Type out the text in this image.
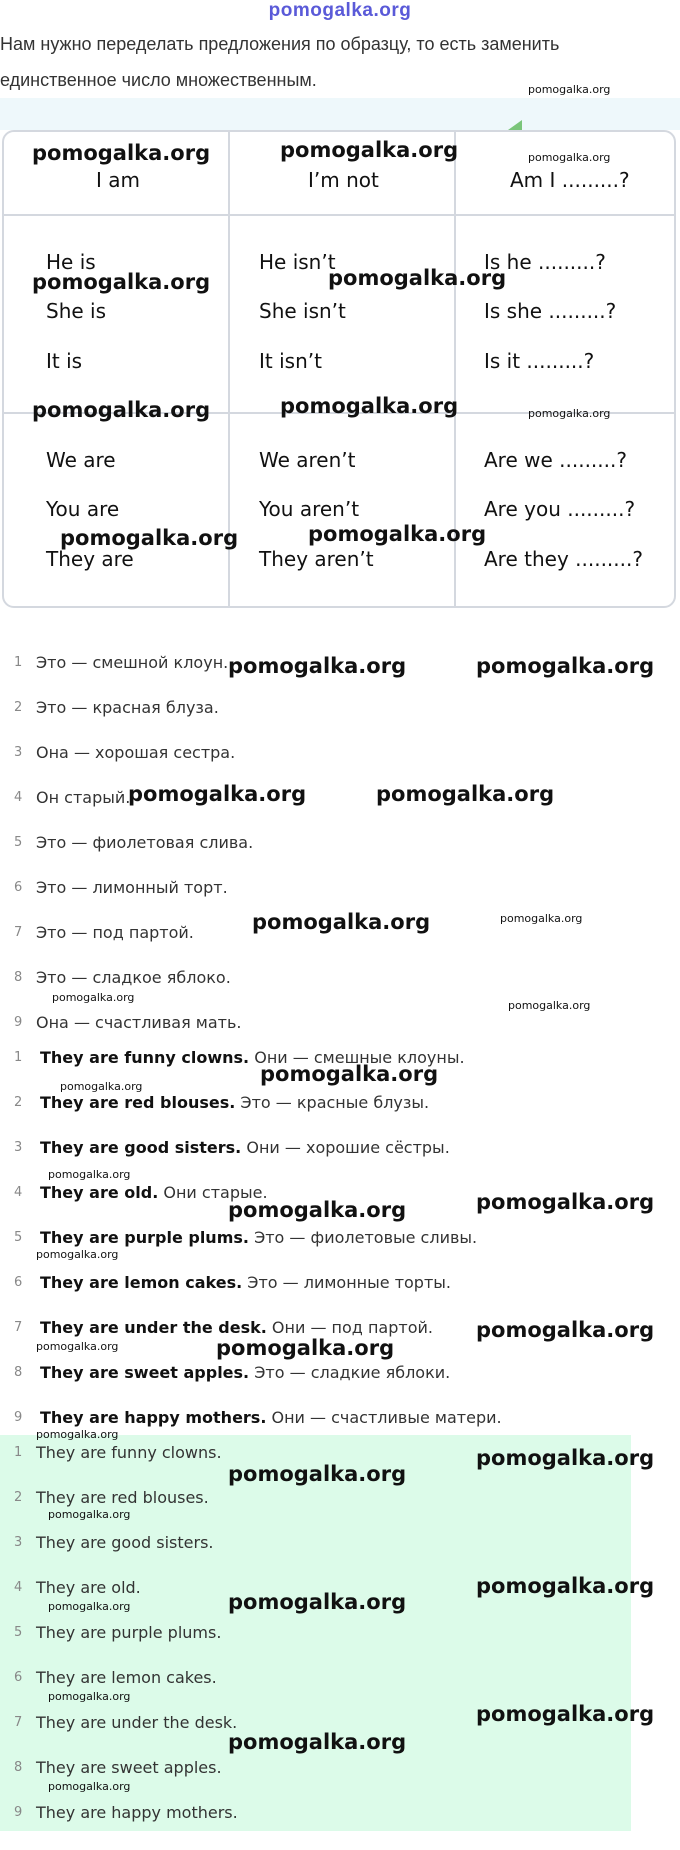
pomogalka.org
Нам нужно переделать предложения по образцу, то есть заменить
единственное число множественным.
I am	I’m not	Am I .........?
He is	He isn’t	Is he .........?
She is	She isn’t	Is she .........?
It is	It isn’t	Is it .........?
We are	We aren’t	Are we .........?
You are	You aren’t	Are you .........?
They are	They aren’t	Are they .........?
1 Это — смешной клоун.
2 Это — красная блуза.
3 Она — хорошая сестра.
4 Он старый.
5 Это — фиолетовая слива.
6 Это — лимонный торт.
7 Это — под партой.
8 Это — сладкое яблоко.
9 Она — счастливая мать.
1 They are funny clowns. Они — смешные клоуны.
2 They are red blouses. Это — красные блузы.
3 They are good sisters. Они — хорошие сёстры.
4 They are old. Они старые.
5 They are purple plums. Это — фиолетовые сливы.
6 They are lemon cakes. Это — лимонные торты.
7 They are under the desk. Они — под партой.
8 They are sweet apples. Это — сладкие яблоки.
9 They are happy mothers. Они — счастливые матери.
1 They are funny clowns.
2 They are red blouses.
3 They are good sisters.
4 They are old.
5 They are purple plums.
6 They are lemon cakes.
7 They are under the desk.
8 They are sweet apples.
9 They are happy mothers.
pomogalka.org
pomogalka.org	pomogalka.org	pomogalka.org
pomogalka.org	pomogalka.org
pomogalka.org	pomogalka.org	pomogalka.org
pomogalka.org	pomogalka.org
pomogalka.org	pomogalka.org
pomogalka.org	pomogalka.org
pomogalka.org	pomogalka.org
pomogalka.org
pomogalka.org
pomogalka.org
pomogalka.org
pomogalka.org
pomogalka.org	pomogalka.org
pomogalka.org
pomogalka.org
pomogalka.org	pomogalka.org
pomogalka.org
pomogalka.org
pomogalka.org
pomogalka.org
pomogalka.org
pomogalka.org
pomogalka.org
pomogalka.org
pomogalka.org
pomogalka.org
pomogalka.org
